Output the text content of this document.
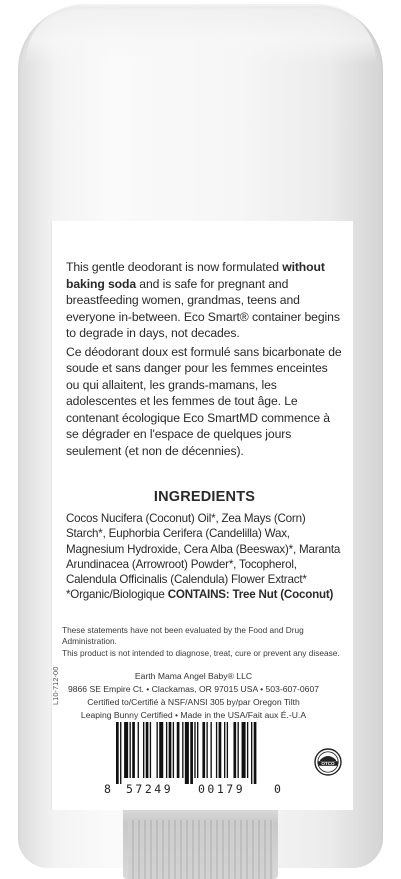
This gentle deodorant is now formulated without baking soda and is safe for pregnant and breastfeeding women, grandmas, teens and everyone in-between. Eco Smart® container begins to degrade in days, not decades.

Ce déodorant doux est formulé sans bicarbonate de soude et sans danger pour les femmes enceintes ou qui allaitent, les grands-mamans, les adolescentes et les femmes de tout âge. Le contenant écologique Eco SmartMD commence à se dégrader en l'espace de quelques jours seulement (et non de décennies).

INGREDIENTS

Cocos Nucifera (Coconut) Oil*, Zea Mays (Corn) Starch*, Euphorbia Cerifera (Candelilla) Wax, Magnesium Hydroxide, Cera Alba (Beeswax)*, Maranta Arundinacea (Arrowroot) Powder*, Tocopherol, Calendula Officinalis (Calendula) Flower Extract* *Organic/Biologique CONTAINS: Tree Nut (Coconut)

These statements have not been evaluated by the Food and Drug Administration.
This product is not intended to diagnose, treat, cure or prevent any disease.
Earth Mama Angel Baby® LLC
9866 SE Empire Ct. • Clackamas, OR 97015 USA • 503-607-0607
Certified to/Certifié à NSF/ANSI 305 by/par Oregon Tilth
Leaping Bunny Certified • Made in the USA/Fait aux É.-U.A
L10-712-00
8 57249 00179	0
OTCO
